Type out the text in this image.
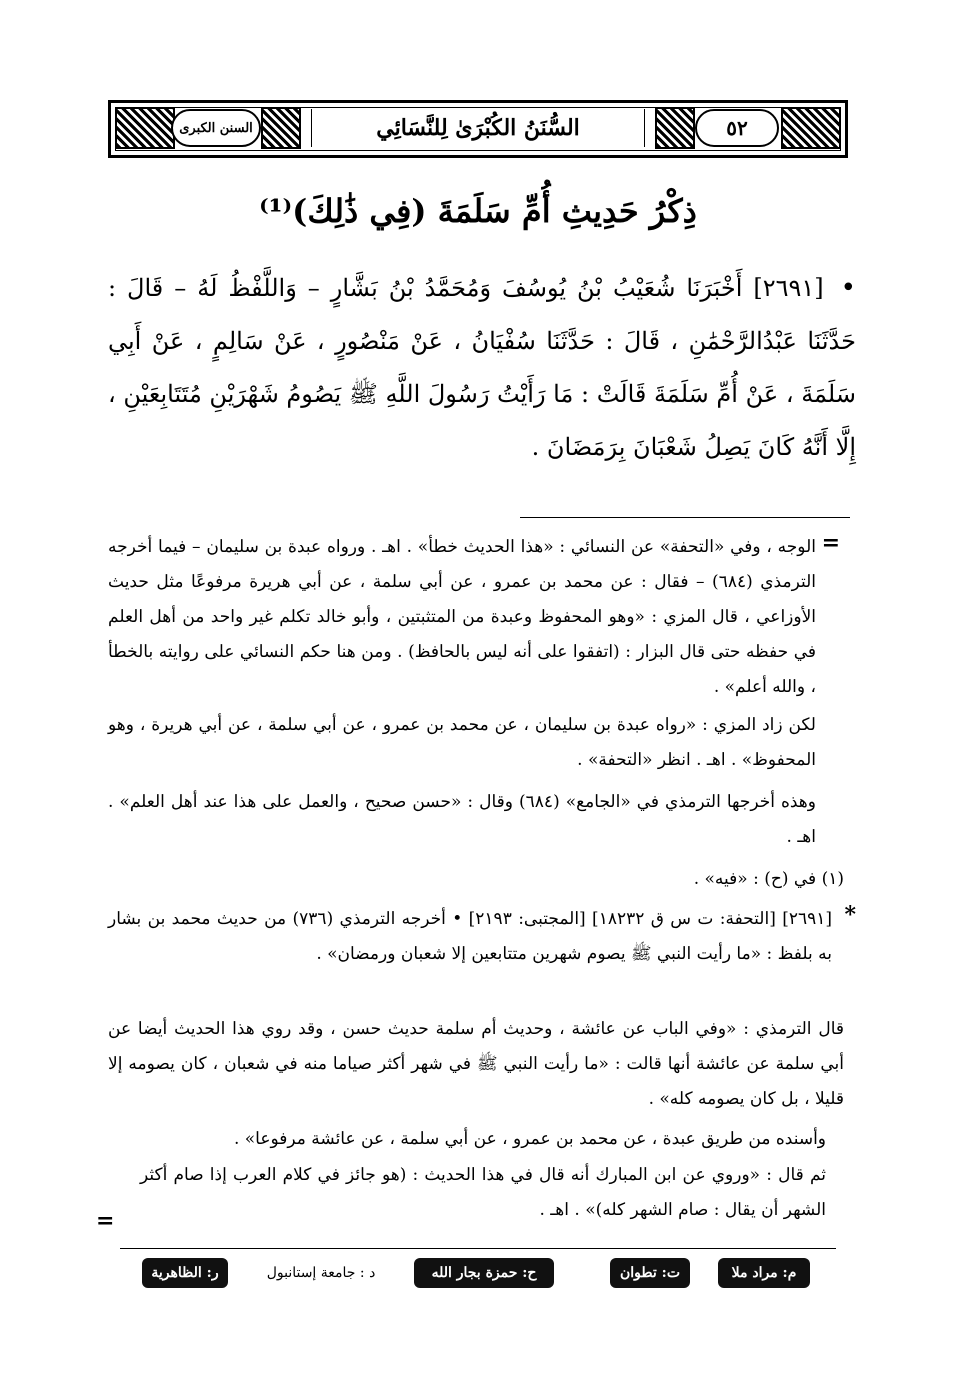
السنن الكبرى	٥٢
السُّنَنُ الكُبْرَىٰ لِلنَّسَائِي
ذِكْرُ حَدِيثِ أُمِّ سَلَمَةَ (فِي ذَٰلِكَ)⁽¹⁾
• [٢٦٩١] أَخْبَرَنَا شُعَيْبُ بْنُ يُوسُفَ وَمُحَمَّدُ بْنُ بَشَّارٍ – وَاللَّفْظُ لَهُ – قَالَ : حَدَّثَنَا عَبْدُالرَّحْمَٰنِ ، قَالَ : حَدَّثَنَا سُفْيَانُ ، عَنْ مَنْصُورٍ ، عَنْ سَالِمٍ ، عَنْ أَبِي سَلَمَةَ ، عَنْ أُمِّ سَلَمَةَ قَالَتْ : مَا رَأَيْتُ رَسُولَ اللَّهِ ﷺ يَصُومُ شَهْرَيْنِ مُتَتَابِعَيْنِ ، إِلَّا أَنَّهُ كَانَ يَصِلُ شَعْبَانَ بِرَمَضَانَ .
=
الوجه ، وفي «التحفة» عن النسائي : «هذا الحديث خطأ» . اهـ . ورواه عبدة بن سليمان – فيما أخرجه الترمذي (٦٨٤) – فقال : عن محمد بن عمرو ، عن أبي سلمة ، عن أبي هريرة مرفوعًا مثل حديث الأوزاعي ، قال المزي : «وهو المحفوظ وعبدة من المتثبتين ، وأبو خالد تكلم غير واحد من أهل العلم في حفظه حتى قال البزار : (اتفقوا على أنه ليس بالحافظ) . ومن هنا حكم النسائي على روايته بالخطأ ، والله أعلم» .
لكن زاد المزي : «رواه عبدة بن سليمان ، عن محمد بن عمرو ، عن أبي سلمة ، عن أبي هريرة ، وهو المحفوظ» . اهـ . انظر «التحفة» .
وهذه أخرجها الترمذي في «الجامع» (٦٨٤) وقال : «حسن صحيح ، والعمل على هذا عند أهل العلم» . اهـ .
(١) في (ح) : «فيه» .
*
[٢٦٩١] [التحفة: ت س ق ١٨٢٣٢] [المجتبى: ٢١٩٣] • أخرجه الترمذي (٧٣٦) من حديث محمد بن بشار به بلفظ : «ما رأيت النبي ﷺ يصوم شهرين متتابعين إلا شعبان ورمضان» .
قال الترمذي : «وفي الباب عن عائشة ، وحديث أم سلمة حديث حسن ، وقد روي هذا الحديث أيضا عن أبي سلمة عن عائشة أنها قالت : «ما رأيت النبي ﷺ في شهر أكثر صياما منه في شعبان ، كان يصومه إلا قليلا ، بل كان يصومه كله» .
وأسنده من طريق عبدة ، عن محمد بن عمرو ، عن أبي سلمة ، عن عائشة مرفوعا» .
ثم قال : «وروي عن ابن المبارك أنه قال في هذا الحديث : (هو جائز في كلام العرب إذا صام أكثر الشهر أن يقال : صام الشهر كله)» . اهـ .
=
م: مراد ملا
ت: تطوان
ح: حمزة بجار الله
د : جامعة إستانبول
ر: الظاهرية
